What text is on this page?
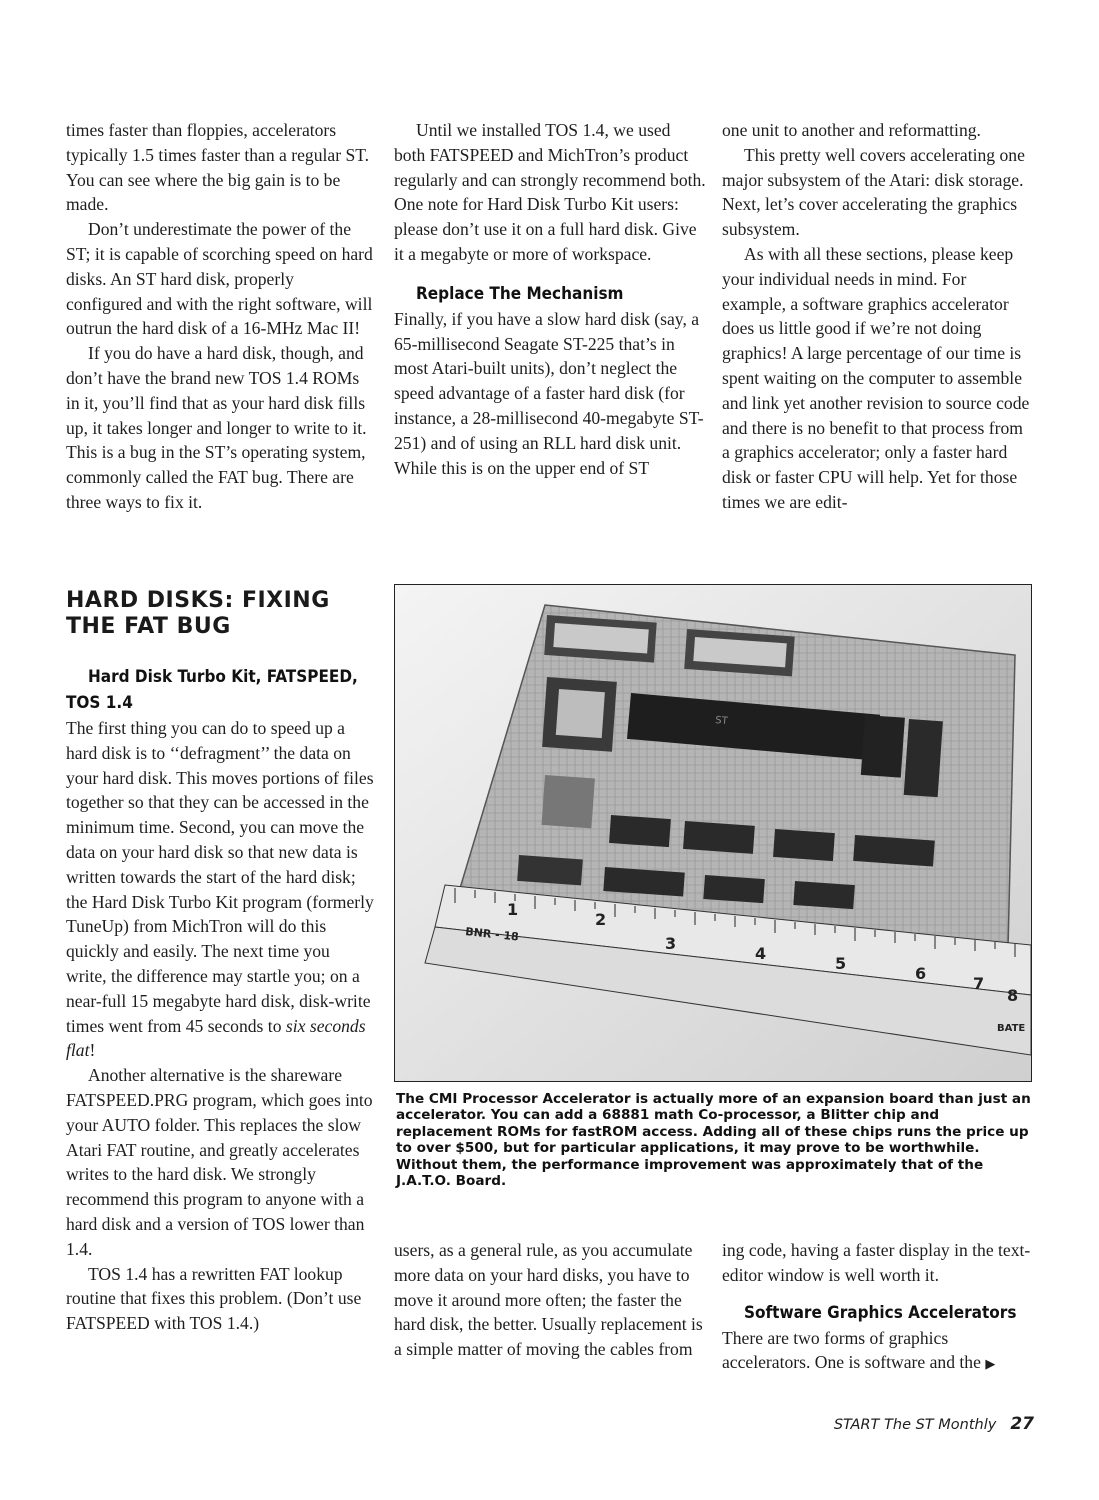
times faster than floppies, accelerators typically 1.5 times faster than a regular ST. You can see where the big gain is to be made.

Don’t underestimate the power of the ST; it is capable of scorching speed on hard disks. An ST hard disk, properly configured and with the right software, will outrun the hard disk of a 16-MHz Mac II!

If you do have a hard disk, though, and don’t have the brand new TOS 1.4 ROMs in it, you’ll find that as your hard disk fills up, it takes longer and longer to write to it. This is a bug in the ST’s operating system, commonly called the FAT bug. There are three ways to fix it.

HARD DISKS: FIXING THE FAT BUG

Hard Disk Turbo Kit, FATSPEED, TOS 1.4

The first thing you can do to speed up a hard disk is to ‘‘defragment’’ the data on your hard disk. This moves portions of files together so that they can be accessed in the minimum time. Second, you can move the data on your hard disk so that new data is written towards the start of the hard disk; the Hard Disk Turbo Kit program (formerly TuneUp) from MichTron will do this quickly and easily. The next time you write, the difference may startle you; on a near-full 15 megabyte hard disk, disk-write times went from 45 seconds to six seconds flat!

Another alternative is the shareware FATSPEED.PRG program, which goes into your AUTO folder. This replaces the slow Atari FAT routine, and greatly accelerates writes to the hard disk. We strongly recommend this program to anyone with a hard disk and a version of TOS lower than 1.4.

TOS 1.4 has a rewritten FAT lookup routine that fixes this problem. (Don’t use FATSPEED with TOS 1.4.)

Until we installed TOS 1.4, we used both FATSPEED and MichTron’s product regularly and can strongly recommend both. One note for Hard Disk Turbo Kit users: please don’t use it on a full hard disk. Give it a megabyte or more of workspace.

Replace The Mechanism

Finally, if you have a slow hard disk (say, a 65-millisecond Seagate ST-225 that’s in most Atari-built units), don’t neglect the speed advantage of a faster hard disk (for instance, a 28-millisecond 40-megabyte ST-251) and of using an RLL hard disk unit. While this is on the upper end of ST

one unit to another and reformatting.

This pretty well covers accelerating one major subsystem of the Atari: disk storage. Next, let’s cover accelerating the graphics subsystem.

As with all these sections, please keep your individual needs in mind. For example, a software graphics accelerator does us little good if we’re not doing graphics! A large percentage of our time is spent waiting on the computer to assemble and link yet another revision to source code and there is no benefit to that process from a graphics accelerator; only a faster hard disk or faster CPU will help. Yet for those times we are edit-

ST
BNR - 18
1
2
3
4
5
6
7
8
BATE
The CMI Processor Accelerator is actually more of an expansion board than just an accelerator. You can add a 68881 math Co-processor, a Blitter chip and replacement ROMs for fastROM access. Adding all of these chips runs the price up to over $500, but for particular applications, it may prove to be worthwhile. Without them, the performance improvement was approximately that of the J.A.T.O. Board.

users, as a general rule, as you accumulate more data on your hard disks, you have to move it around more often; the faster the hard disk, the better. Usually replacement is a simple matter of moving the cables from

ing code, having a faster display in the text-editor window is well worth it.

Software Graphics Accelerators

There are two forms of graphics accelerators. One is software and the ▶

START The ST Monthly 27
